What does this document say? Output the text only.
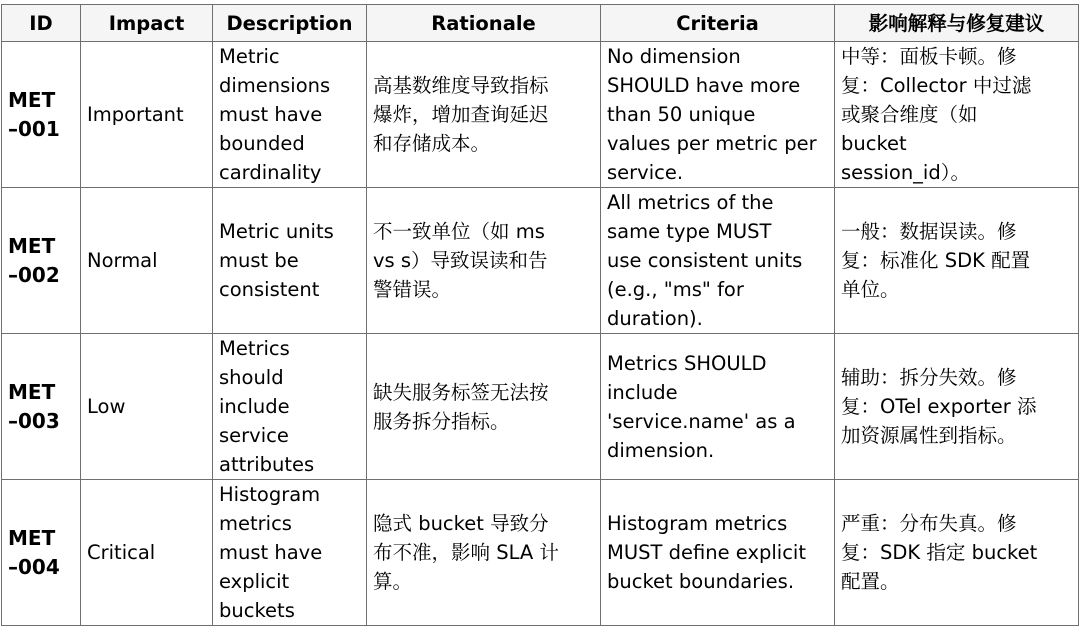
ID	Impact	Description	Rationale	Criteria	影响解释与修复建议
MET
–001	Important	Metric
dimensions
must have
bounded
cardinality	高基数维度导致指标
爆炸，增加查询延迟
和存储成本。	No dimension
SHOULD have more
than 50 unique
values per metric per
service.	中等：面板卡顿。修
复：Collector 中过滤
或聚合维度（如
bucket
session_id）。
MET
–002	Normal	Metric units
must be
consistent	不一致单位（如 ms
vs s）导致误读和告
警错误。	All metrics of the
same type MUST
use consistent units
(e.g., "ms" for
duration).	一般：数据误读。修
复：标准化 SDK 配置
单位。
MET
–003	Low	Metrics
should
include
service
attributes	缺失服务标签无法按
服务拆分指标。	Metrics SHOULD
include
'service.name' as a
dimension.	辅助：拆分失效。修
复：OTel exporter 添
加资源属性到指标。
MET
–004	Critical	Histogram
metrics
must have
explicit
buckets	隐式 bucket 导致分
布不准，影响 SLA 计
算。	Histogram metrics
MUST define explicit
bucket boundaries.	严重：分布失真。修
复：SDK 指定 bucket
配置。
